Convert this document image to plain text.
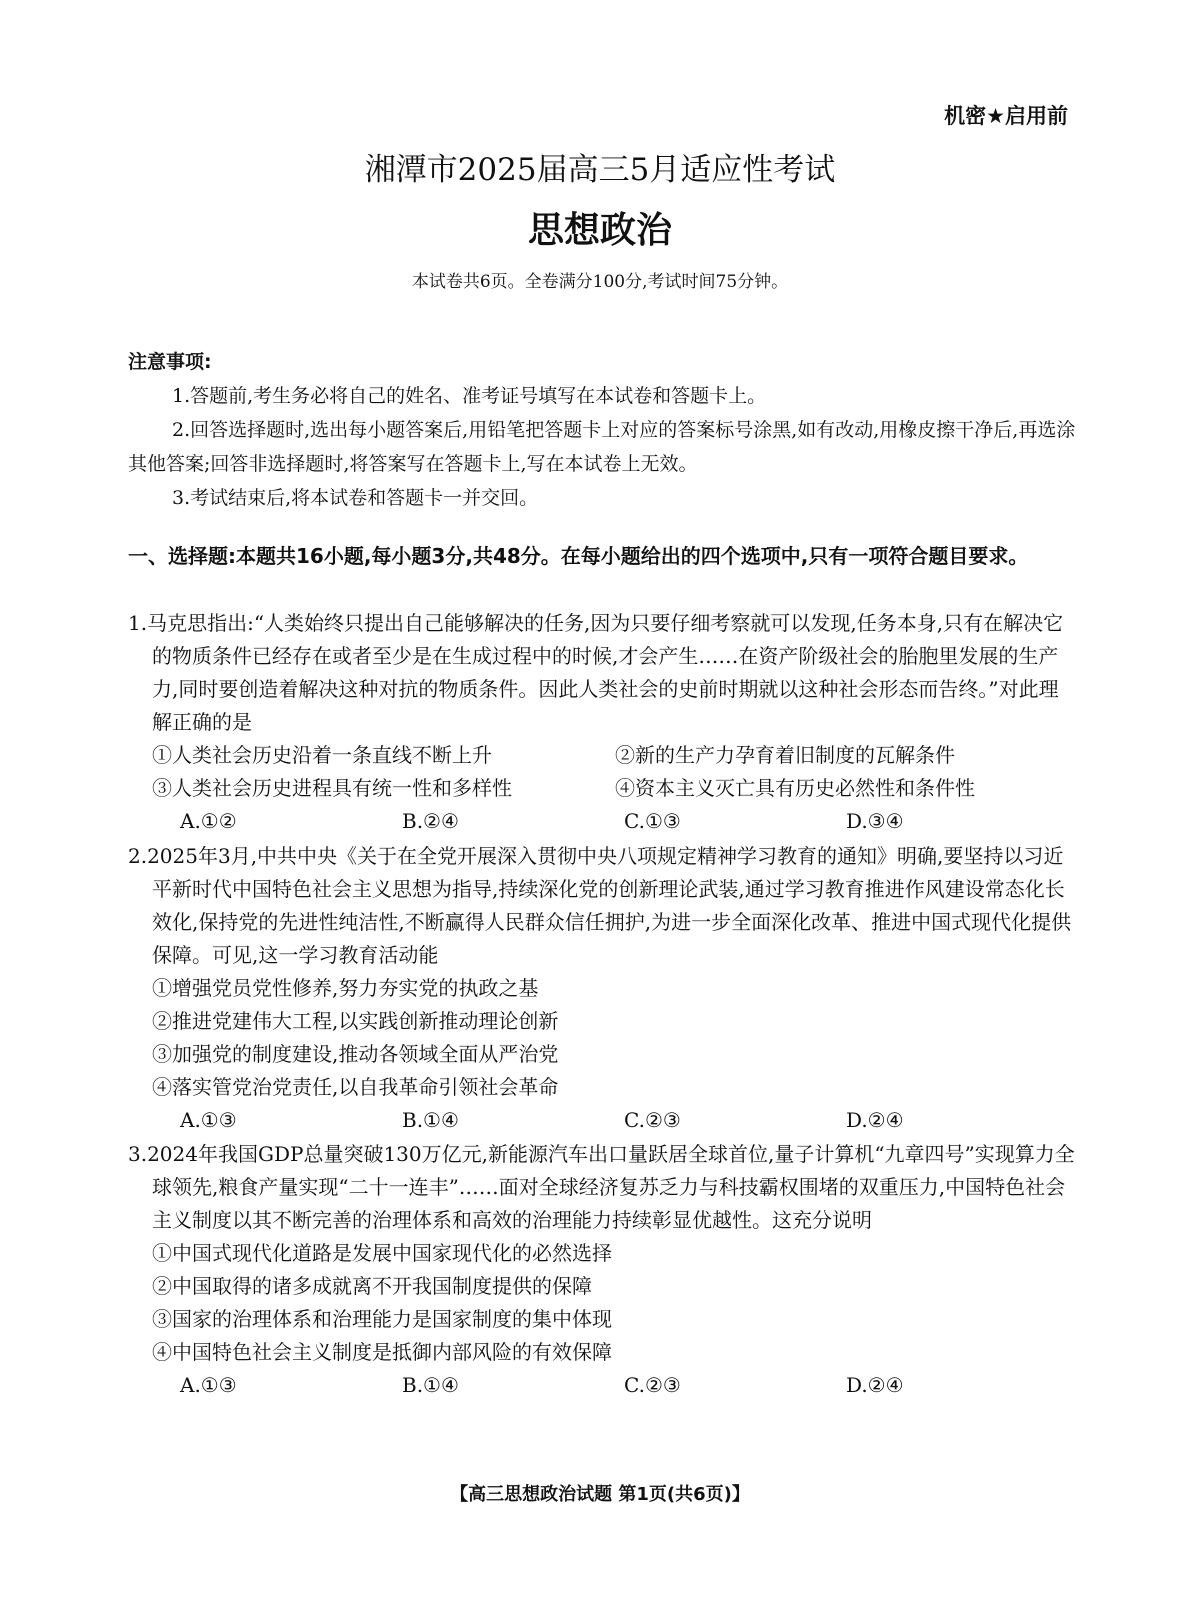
机密★启用前
湘潭市2025届高三5月适应性考试
思想政治
本试卷共6页。全卷满分100分,考试时间75分钟。
注意事项:
1.答题前,考生务必将自己的姓名、准考证号填写在本试卷和答题卡上。
2.回答选择题时,选出每小题答案后,用铅笔把答题卡上对应的答案标号涂黑,如有改动,用橡皮擦干净后,再选涂其他答案;回答非选择题时,将答案写在答题卡上,写在本试卷上无效。
3.考试结束后,将本试卷和答题卡一并交回。
一、选择题:本题共16小题,每小题3分,共48分。在每小题给出的四个选项中,只有一项符合题目要求。
1.马克思指出:“人类始终只提出自己能够解决的任务,因为只要仔细考察就可以发现,任务本身,只有在解决它的物质条件已经存在或者至少是在生成过程中的时候,才会产生……在资产阶级社会的胎胞里发展的生产力,同时要创造着解决这种对抗的物质条件。因此人类社会的史前时期就以这种社会形态而告终。”对此理解正确的是
①人类社会历史沿着一条直线不断上升	②新的生产力孕育着旧制度的瓦解条件
③人类社会历史进程具有统一性和多样性	④资本主义灭亡具有历史必然性和条件性
A.①②	B.②④	C.①③	D.③④
2.2025年3月,中共中央《关于在全党开展深入贯彻中央八项规定精神学习教育的通知》明确,要坚持以习近平新时代中国特色社会主义思想为指导,持续深化党的创新理论武装,通过学习教育推进作风建设常态化长效化,保持党的先进性纯洁性,不断赢得人民群众信任拥护,为进一步全面深化改革、推进中国式现代化提供保障。可见,这一学习教育活动能
①增强党员党性修养,努力夯实党的执政之基
②推进党建伟大工程,以实践创新推动理论创新
③加强党的制度建设,推动各领域全面从严治党
④落实管党治党责任,以自我革命引领社会革命
A.①③	B.①④	C.②③	D.②④
3.2024年我国GDP总量突破130万亿元,新能源汽车出口量跃居全球首位,量子计算机“九章四号”实现算力全球领先,粮食产量实现“二十一连丰”……面对全球经济复苏乏力与科技霸权围堵的双重压力,中国特色社会主义制度以其不断完善的治理体系和高效的治理能力持续彰显优越性。这充分说明
①中国式现代化道路是发展中国家现代化的必然选择
②中国取得的诸多成就离不开我国制度提供的保障
③国家的治理体系和治理能力是国家制度的集中体现
④中国特色社会主义制度是抵御内部风险的有效保障
A.①③	B.①④	C.②③	D.②④
【高三思想政治试题 第1页(共6页)】
